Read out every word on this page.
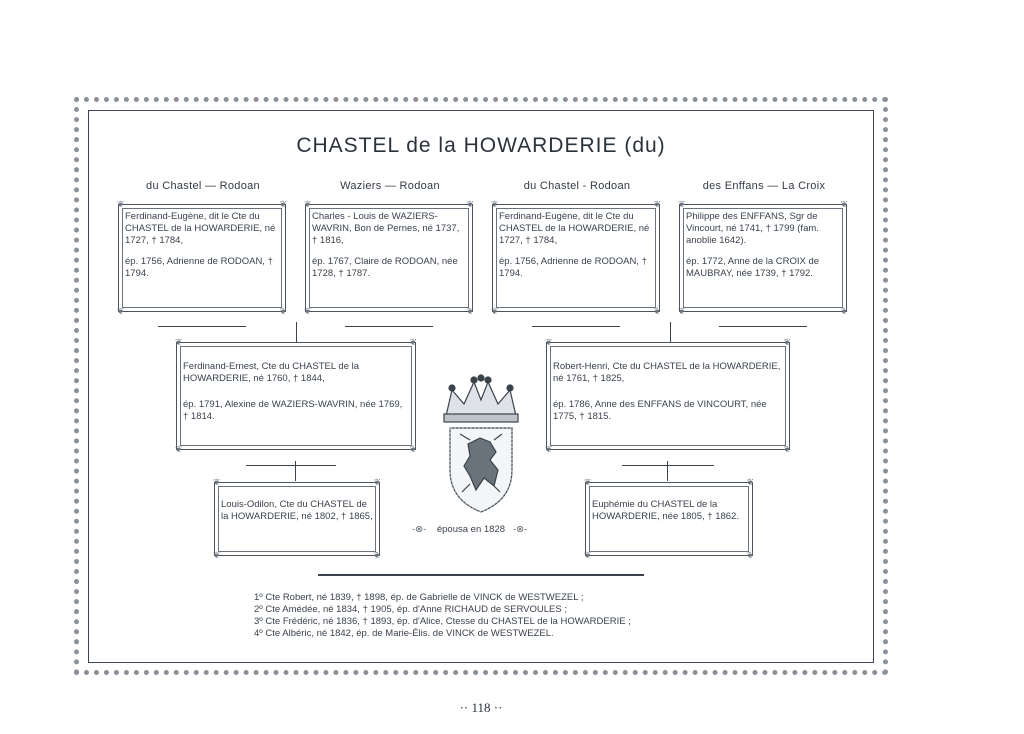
CHASTEL de la HOWARDERIE (du)
du Chastel — Rodoan	Waziers — Rodoan	du Chastel - Rodoan	des Enffans — La Croix
❦	❦
❦	❦

Ferdinand-Eugène, dit le Cte du CHASTEL de la HOWARDERIE, né 1727, † 1784,

ép. 1756, Adrienne de RODOAN, † 1794.

❦	❦
❦	❦

Charles - Louis de WAZIERS-WAVRIN, Bon de Pernes, né 1737, † 1816,

ép. 1767, Claire de RODOAN, née 1728, † 1787.

❦	❦
❦	❦

Ferdinand-Eugène, dit le Cte du CHASTEL de la HOWARDERIE, né 1727, † 1784,

ép. 1756, Adrienne de RODOAN, † 1794.

❦	❦
❦	❦

Philippe des ENFFANS, Sgr de Vincourt, né 1741, † 1799 (fam. anoblie 1642).

ép. 1772, Anne de la CROIX de MAUBRAY, née 1739, † 1792.

❦	❦
❦	❦

Ferdinand-Ernest, Cte du CHASTEL de la HOWARDERIE, né 1760, † 1844,

ép. 1791, Alexine de WAZIERS-WAVRIN, née 1769, † 1814.

❦	❦
❦	❦

Robert-Henri, Cte du CHASTEL de la HOWARDERIE, né 1761, † 1825,

ép. 1786, Anne des ENFFANS de VINCOURT, née 1775, † 1815.

❦	❦
❦	❦

Louis-Odilon, Cte du CHASTEL de la HOWARDERIE, né 1802, † 1865,

-⊗- épousa en 1828 -⊗-
❦	❦
❦	❦

Euphémie du CHASTEL de la HOWARDERIE, née 1805, † 1862.

1º Cte Robert, né 1839, † 1898, ép. de Gabrielle de VINCK de WESTWEZEL ;
2º Cte Amédée, né 1834, † 1905, ép. d'Anne RICHAUD de SERVOULES ;
3º Cte Frédéric, né 1836, † 1893, ép. d'Alice, Ctesse du CHASTEL de la HOWARDERIE ;
4º Cte Albéric, né 1842, ép. de Marie-Élis. de VINCK de WESTWEZEL.
·· 118 ··
